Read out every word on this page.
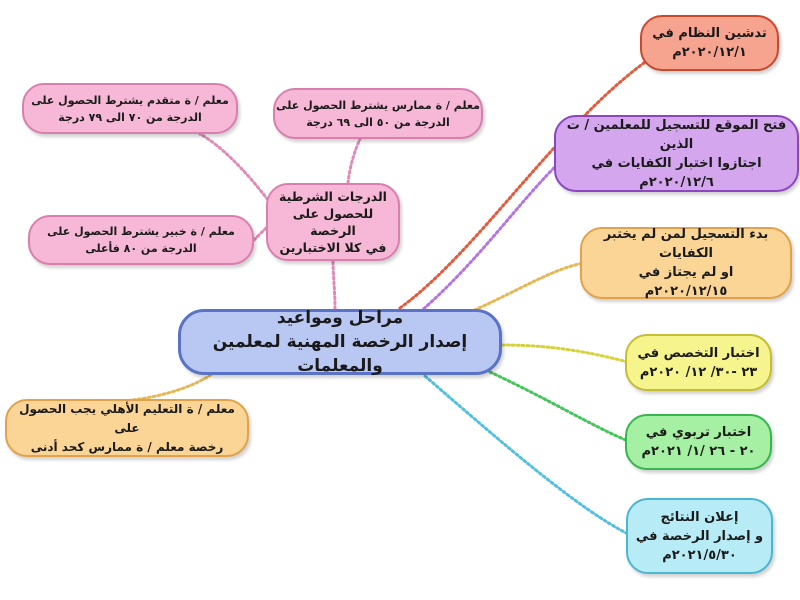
مراحل ومواعيد
إصدار الرخصة المهنية لمعلمين والمعلمات
الدرجات الشرطية
للحصول على الرخصة
في كلا الاختبارين
معلم / ة متقدم يشترط الحصول على
الدرجة من ٧٠ الى ٧٩ درجة
معلم / ة ممارس يشترط الحصول على
الدرجة من ٥٠ الى ٦٩ درجة
معلم / ة خبير يشترط الحصول على
الدرجة من ٨٠ فأعلى
معلم / ة التعليم الأهلي يجب الحصول على
رخصة معلم / ة ممارس كحد أدنى
تدشين النظام في
٢٠٢٠/١٢/١م
فتح الموقع للتسجيل للمعلمين / ت الذين
اجتازوا اختبار الكفايات في
٢٠٢٠/١٢/٦م
بدء التسجيل لمن لم يختبر الكفايات
او لم يجتاز في
٢٠٢٠/١٢/١٥م
اختبار التخصص في
٢٣ -٣٠/ ١٢/ ٢٠٢٠م
اختبار تربوي في
٢٠ - ٢٦ /١/ ٢٠٢١م
إعلان النتائج
و إصدار الرخصة في
٢٠٢١/٥/٣٠م
